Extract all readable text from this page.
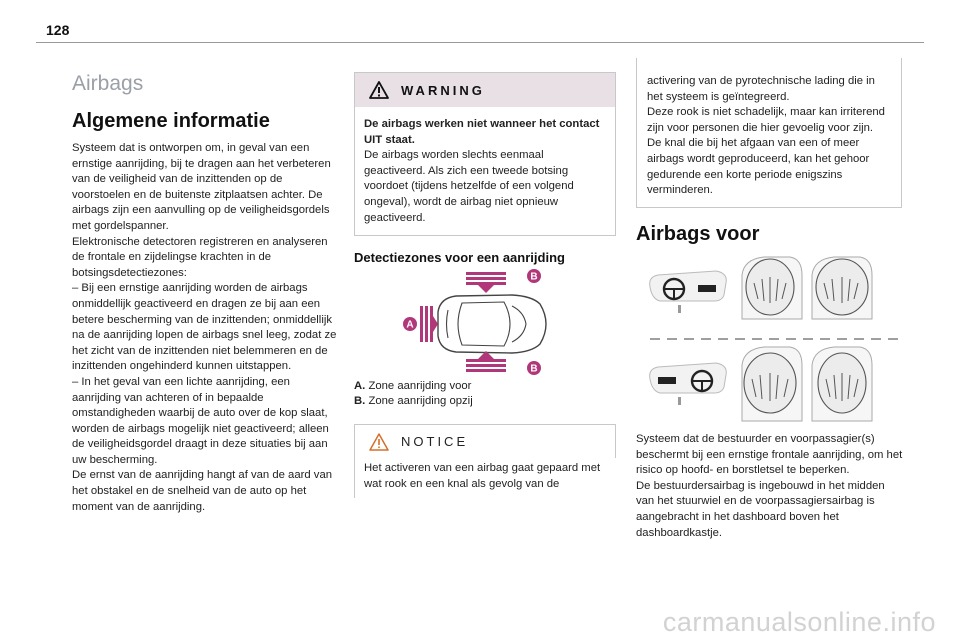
128
Airbags
Algemene informatie
Systeem dat is ontworpen om, in geval van een ernstige aanrijding, bij te dragen aan het verbeteren van de veiligheid van de inzittenden op de voorstoelen en de buitenste zitplaatsen achter. De airbags zijn een aanvulling op de veiligheidsgordels met gordelspanner.
Elektronische detectoren registreren en analyseren de frontale en zijdelingse krachten in de botsingsdetectiezones:
– Bij een ernstige aanrijding worden de airbags onmiddellijk geactiveerd en dragen ze bij aan een betere bescherming van de inzittenden; onmiddellijk na de aanrijding lopen de airbags snel leeg, zodat ze het zicht van de inzittenden niet belemmeren en de inzittenden ongehinderd kunnen uitstappen.
– In het geval van een lichte aanrijding, een aanrijding van achteren of in bepaalde omstandigheden waarbij de auto over de kop slaat, worden de airbags mogelijk niet geactiveerd; alleen de veiligheidsgordel draagt in deze situaties bij aan uw bescherming.
De ernst van de aanrijding hangt af van de aard van het obstakel en de snelheid van de auto op het moment van de aanrijding.
WARNING
De airbags werken niet wanneer het contact UIT staat.
De airbags worden slechts eenmaal geactiveerd. Als zich een tweede botsing voordoet (tijdens hetzelfde of een volgend ongeval), wordt de airbag niet opnieuw geactiveerd.
Detectiezones voor een aanrijding
B
B
A
A. Zone aanrijding voor
B. Zone aanrijding opzij
NOTICE
Het activeren van een airbag gaat gepaard met wat rook en een knal als gevolg van de
activering van de pyrotechnische lading die in het systeem is geïntegreerd.
Deze rook is niet schadelijk, maar kan irriterend zijn voor personen die hier gevoelig voor zijn.
De knal die bij het afgaan van een of meer airbags wordt geproduceerd, kan het gehoor gedurende een korte periode enigszins verminderen.
Airbags voor
Systeem dat de bestuurder en voorpassagier(s) beschermt bij een ernstige frontale aanrijding, om het risico op hoofd- en borstletsel te beperken.
De bestuurdersairbag is ingebouwd in het midden van het stuurwiel en de voorpassagiersairbag is aangebracht in het dashboard boven het dashboardkastje.
carmanualsonline.info
